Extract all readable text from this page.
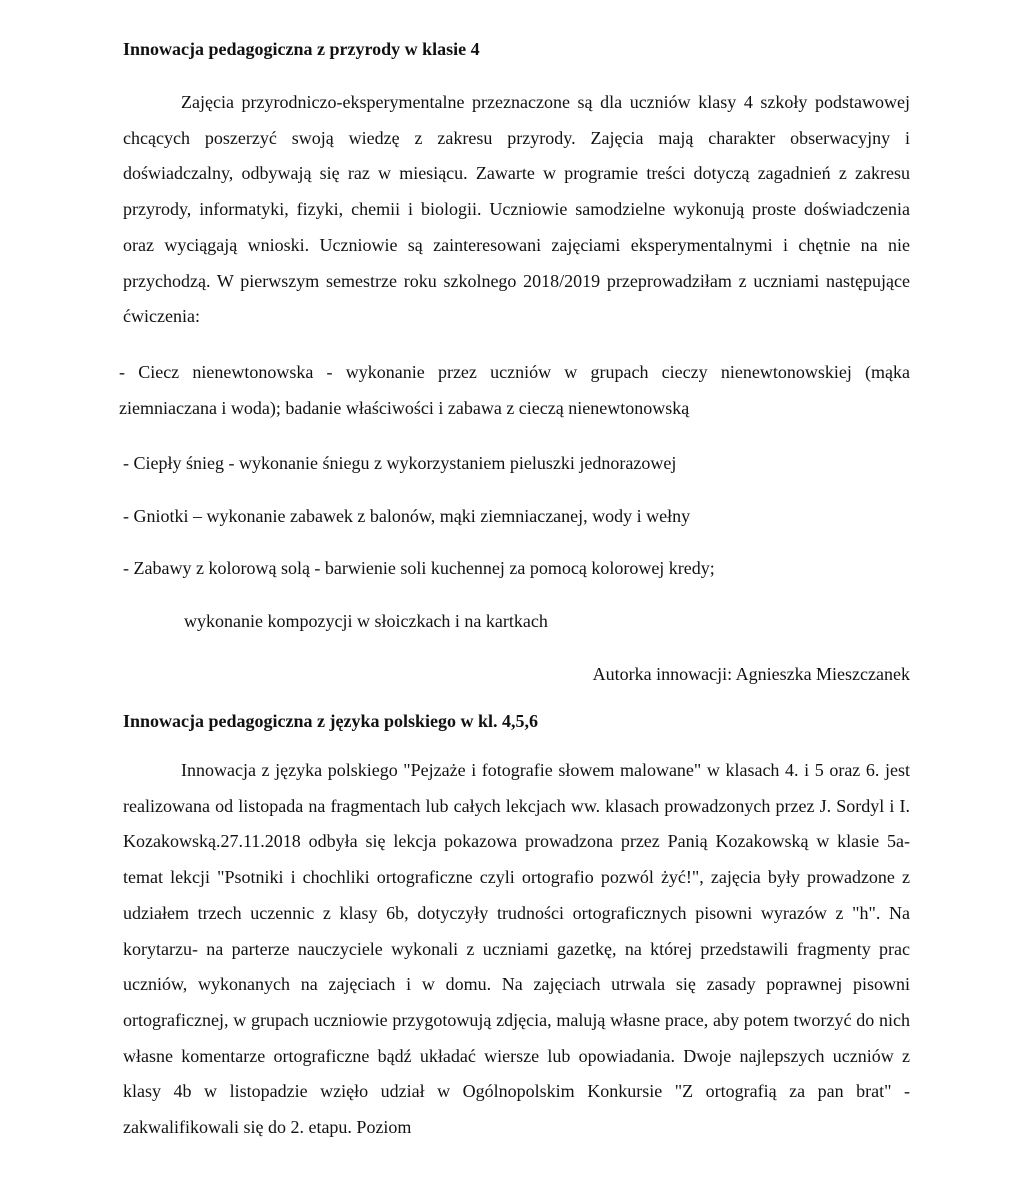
Innowacja pedagogiczna z przyrody w klasie 4

Zajęcia przyrodniczo-eksperymentalne przeznaczone są dla uczniów klasy 4 szkoły podstawowej chcących poszerzyć swoją wiedzę z zakresu przyrody. Zajęcia mają charakter obserwacyjny i doświadczalny, odbywają się raz w miesiącu. Zawarte w programie treści dotyczą zagadnień z zakresu przyrody, informatyki, fizyki, chemii i biologii. Uczniowie samodzielne wykonują proste doświadczenia oraz wyciągają wnioski. Uczniowie są zainteresowani zajęciami eksperymentalnymi i chętnie na nie przychodzą. W pierwszym semestrze roku szkolnego 2018/2019 przeprowadziłam z uczniami następujące ćwiczenia:

- Ciecz nienewtonowska - wykonanie przez uczniów w grupach cieczy nienewtonowskiej (mąka ziemniaczana i woda); badanie właściwości i zabawa z cieczą nienewtonowską

- Ciepły śnieg - wykonanie śniegu z wykorzystaniem pieluszki jednorazowej

- Gniotki – wykonanie zabawek z balonów, mąki ziemniaczanej, wody i wełny

- Zabawy z kolorową solą - barwienie soli kuchennej za pomocą kolorowej kredy;

wykonanie kompozycji w słoiczkach i na kartkach

Autorka innowacji: Agnieszka Mieszczanek

Innowacja pedagogiczna z języka polskiego w kl. 4,5,6

Innowacja z języka polskiego "Pejzaże i fotografie słowem malowane" w klasach 4. i 5 oraz 6. jest realizowana od listopada na fragmentach lub całych lekcjach ww. klasach prowadzonych przez J. Sordyl i I. Kozakowską.27.11.2018 odbyła się lekcja pokazowa prowadzona przez Panią Kozakowską w klasie 5a- temat lekcji "Psotniki i chochliki ortograficzne czyli ortografio pozwól żyć!", zajęcia były prowadzone z udziałem trzech uczennic z klasy 6b, dotyczyły trudności ortograficznych pisowni wyrazów z "h". Na korytarzu- na parterze nauczyciele wykonali z uczniami gazetkę, na której przedstawili fragmenty prac uczniów, wykonanych na zajęciach i w domu. Na zajęciach utrwala się zasady poprawnej pisowni ortograficznej, w grupach uczniowie przygotowują zdjęcia, malują własne prace, aby potem tworzyć do nich własne komentarze ortograficzne bądź układać wiersze lub opowiadania. Dwoje najlepszych uczniów z klasy 4b w listopadzie wzięło udział w Ogólnopolskim Konkursie "Z ortografią za pan brat" - zakwalifikowali się do 2. etapu. Poziom
